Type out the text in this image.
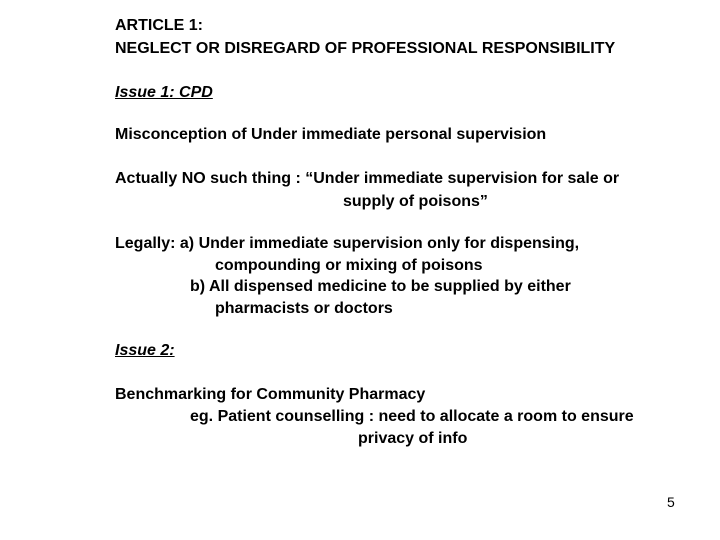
ARTICLE 1:
NEGLECT OR DISREGARD OF PROFESSIONAL RESPONSIBILITY
Issue 1: CPD
Misconception of Under immediate personal supervision
Actually NO such thing : “Under immediate supervision for sale or
supply of poisons”
Legally: a) Under immediate supervision only for dispensing,
compounding or mixing of poisons
b) All dispensed medicine to be supplied by either
pharmacists or doctors
Issue 2:
Benchmarking for Community Pharmacy
eg. Patient counselling : need to allocate a room to ensure
privacy of info
5
